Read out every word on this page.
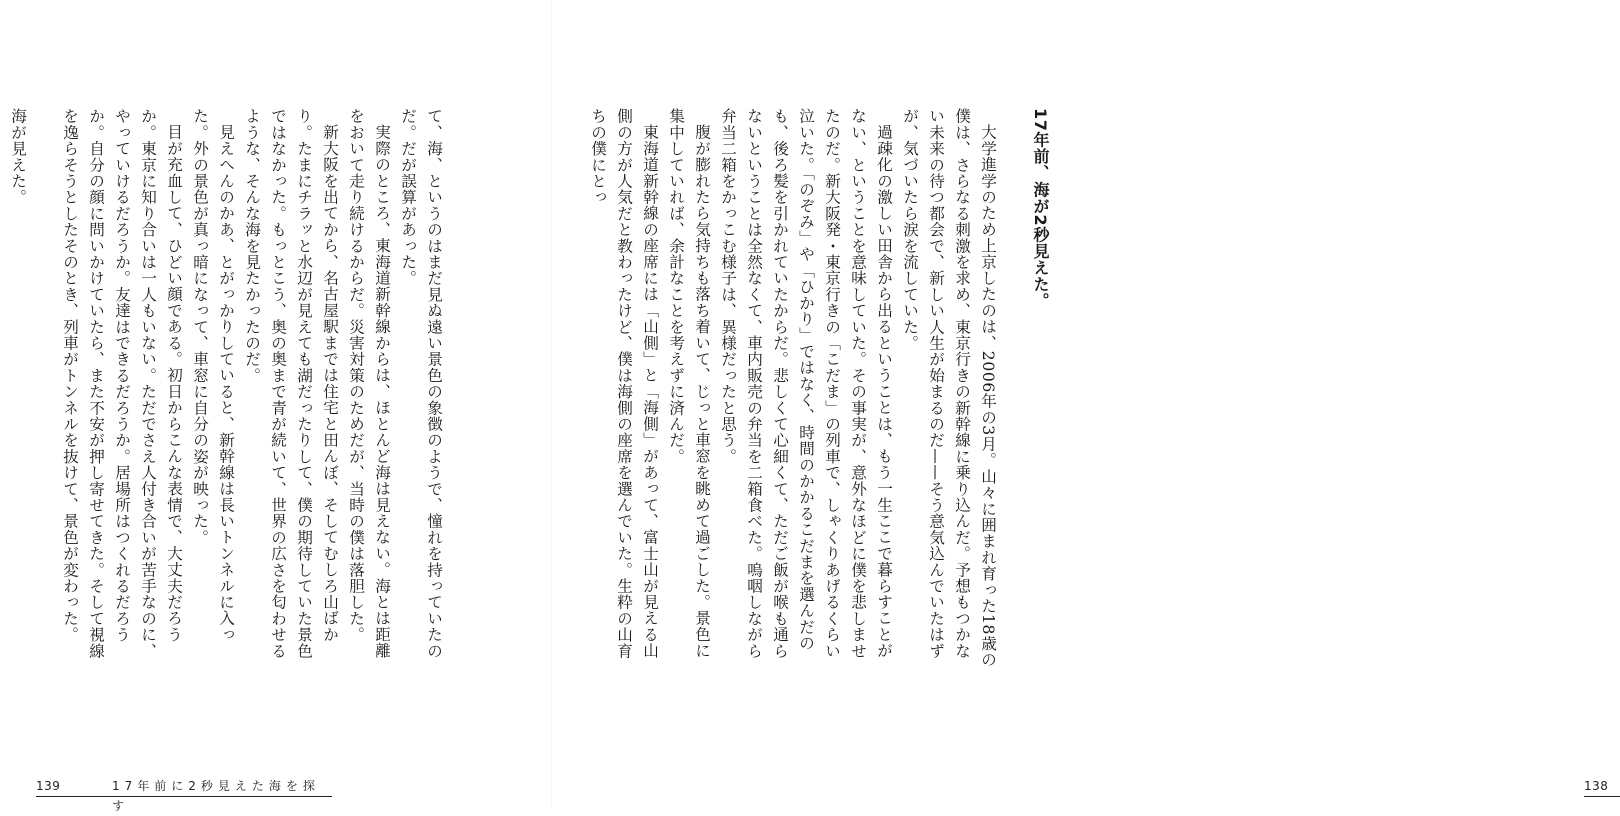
17年前、海が2秒見えた。

大学進学のため上京したのは、2006年の3月。山々に囲まれ育った18歳の僕は、さらなる刺激を求め、東京行きの新幹線に乗り込んだ。予想もつかない未来の待つ都会で、新しい人生が始まるのだ——そう意気込んでいたはずが、気づいたら涙を流していた。

過疎化の激しい田舎から出るということは、もう一生ここで暮らすことがない、ということを意味していた。その事実が、意外なほどに僕を悲しませたのだ。新大阪発・東京行きの「こだま」の列車で、しゃくりあげるくらい泣いた。「のぞみ」や「ひかり」ではなく、時間のかかるこだまを選んだのも、後ろ髪を引かれていたからだ。悲しくて心細くて、ただご飯が喉も通らないということは全然なくて、車内販売の弁当を二箱食べた。嗚咽しながら弁当二箱をかっこむ様子は、異様だったと思う。

腹が膨れたら気持ちも落ち着いて、じっと車窓を眺めて過ごした。景色に集中していれば、余計なことを考えずに済んだ。

東海道新幹線の座席には「山側」と「海側」があって、富士山が見える山側の方が人気だと教わったけど、僕は海側の座席を選んでいた。生粋の山育ちの僕にとっ

138

て、海、というのはまだ見ぬ遠い景色の象徴のようで、憧れを持っていたのだ。だが誤算があった。

実際のところ、東海道新幹線からは、ほとんど海は見えない。海とは距離をおいて走り続けるからだ。災害対策のためだが、当時の僕は落胆した。

新大阪を出てから、名古屋駅までは住宅と田んぼ、そしてむしろ山ばかり。たまにチラッと水辺が見えても湖だったりして、僕の期待していた景色ではなかった。もっとこう、奥の奥まで青が続いて、世界の広さを匂わせるような、そんな海を見たかったのだ。

見えへんのかあ、とがっかりしていると、新幹線は長いトンネルに入った。外の景色が真っ暗になって、車窓に自分の姿が映った。

目が充血して、ひどい顔である。初日からこんな表情で、大丈夫だろうか。東京に知り合いは一人もいない。ただでさえ人付き合いが苦手なのに、やっていけるだろうか。友達はできるだろうか。居場所はつくれるだろうか。自分の顔に問いかけていたら、また不安が押し寄せてきた。そして視線を逸らそうとしたそのとき、列車がトンネルを抜けて、景色が変わった。

海が見えた。

139	17年前に2秒見えた海を探す
